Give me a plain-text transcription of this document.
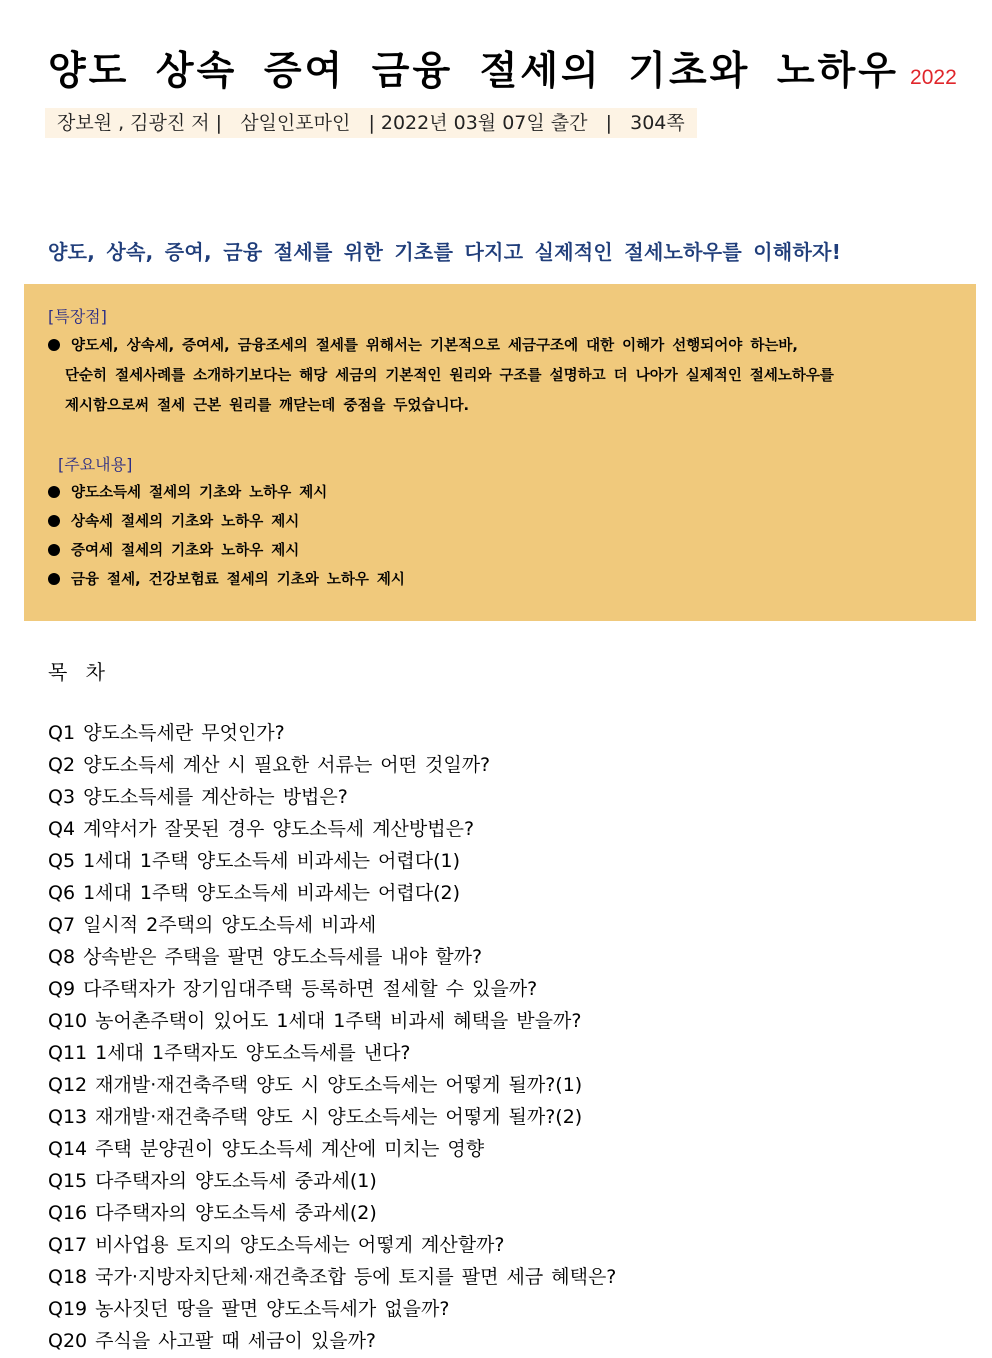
양도 상속 증여 금융 절세의 기초와 노하우 2022
장보원 , 김광진 저 |   삼일인포마인   | 2022년 03월 07일 출간   |   304쪽
양도, 상속, 증여, 금융 절세를 위한 기초를 다지고 실제적인 절세노하우를 이해하자!
[특장점]
양도세, 상속세, 증여세, 금융조세의 절세를 위해서는 기본적으로 세금구조에 대한 이해가 선행되어야 하는바,
단순히 절세사례를 소개하기보다는 해당 세금의 기본적인 원리와 구조를 설명하고 더 나아가 실제적인 절세노하우를
제시함으로써 절세 근본 원리를 깨닫는데 중점을 두었습니다.
[주요내용]
양도소득세 절세의 기초와 노하우 제시
상속세 절세의 기초와 노하우 제시
증여세 절세의 기초와 노하우 제시
금융 절세, 건강보험료 절세의 기초와 노하우 제시
목 차
Q1 양도소득세란 무엇인가?
Q2 양도소득세 계산 시 필요한 서류는 어떤 것일까?
Q3 양도소득세를 계산하는 방법은?
Q4 계약서가 잘못된 경우 양도소득세 계산방법은?
Q5 1세대 1주택 양도소득세 비과세는 어렵다(1)
Q6 1세대 1주택 양도소득세 비과세는 어렵다(2)
Q7 일시적 2주택의 양도소득세 비과세
Q8 상속받은 주택을 팔면 양도소득세를 내야 할까?
Q9 다주택자가 장기임대주택 등록하면 절세할 수 있을까?
Q10 농어촌주택이 있어도 1세대 1주택 비과세 혜택을 받을까?
Q11 1세대 1주택자도 양도소득세를 낸다?
Q12 재개발·재건축주택 양도 시 양도소득세는 어떻게 될까?(1)
Q13 재개발·재건축주택 양도 시 양도소득세는 어떻게 될까?(2)
Q14 주택 분양권이 양도소득세 계산에 미치는 영향
Q15 다주택자의 양도소득세 중과세(1)
Q16 다주택자의 양도소득세 중과세(2)
Q17 비사업용 토지의 양도소득세는 어떻게 계산할까?
Q18 국가·지방자치단체·재건축조합 등에 토지를 팔면 세금 혜택은?
Q19 농사짓던 땅을 팔면 양도소득세가 없을까?
Q20 주식을 사고팔 때 세금이 있을까?
